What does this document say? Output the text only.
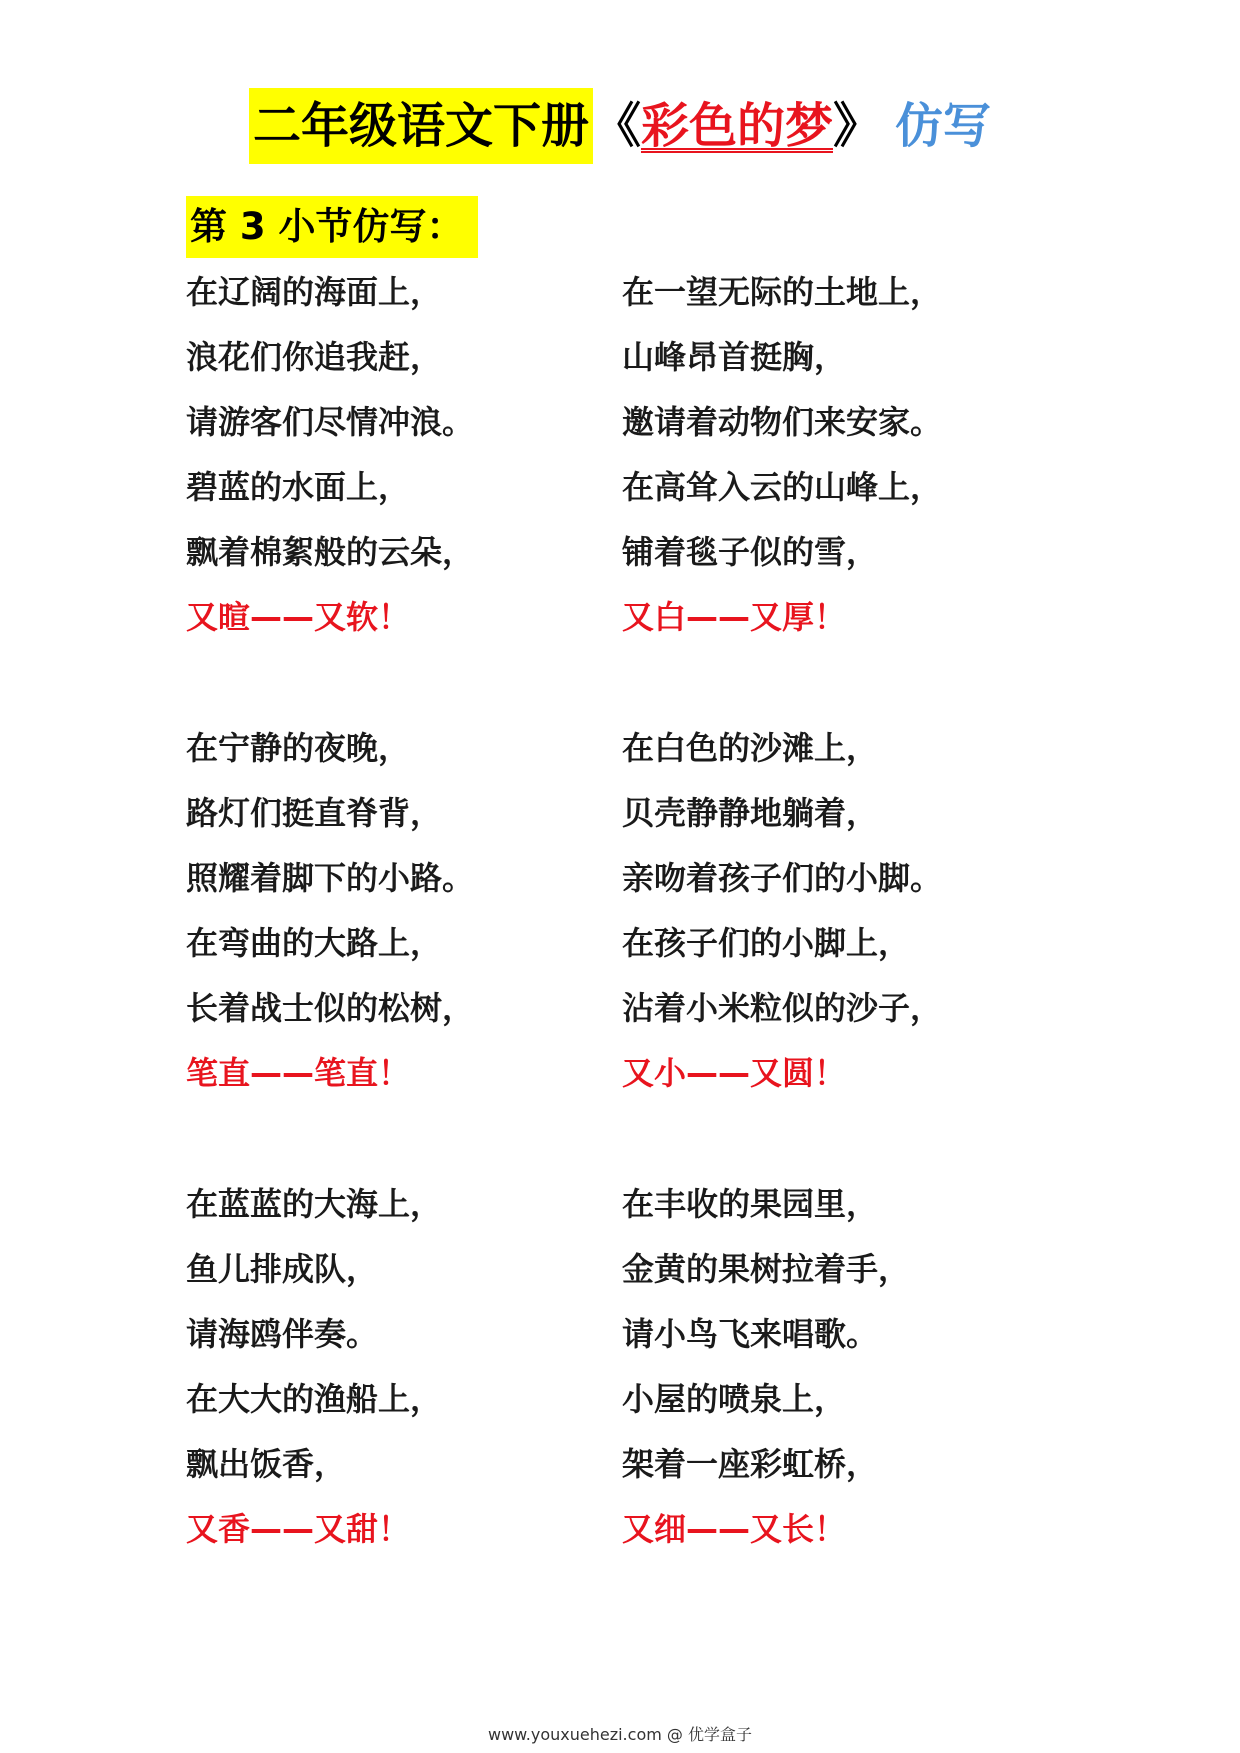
二年级语文下册《彩色的梦》 仿写
第 3 小节仿写：
在辽阔的海面上，
浪花们你追我赶，
请游客们尽情冲浪。
碧蓝的水面上，
飘着棉絮般的云朵，
又暄——又软！
在宁静的夜晚，
路灯们挺直脊背，
照耀着脚下的小路。
在弯曲的大路上，
长着战士似的松树，
笔直——笔直！
在蓝蓝的大海上，
鱼儿排成队，
请海鸥伴奏。
在大大的渔船上，
飘出饭香，
又香——又甜！
在一望无际的土地上，
山峰昂首挺胸，
邀请着动物们来安家。
在高耸入云的山峰上，
铺着毯子似的雪，
又白——又厚！
在白色的沙滩上，
贝壳静静地躺着，
亲吻着孩子们的小脚。
在孩子们的小脚上，
沾着小米粒似的沙子，
又小——又圆！
在丰收的果园里，
金黄的果树拉着手，
请小鸟飞来唱歌。
小屋的喷泉上，
架着一座彩虹桥，
又细——又长！
www.youxuehezi.com @ 优学盒子
